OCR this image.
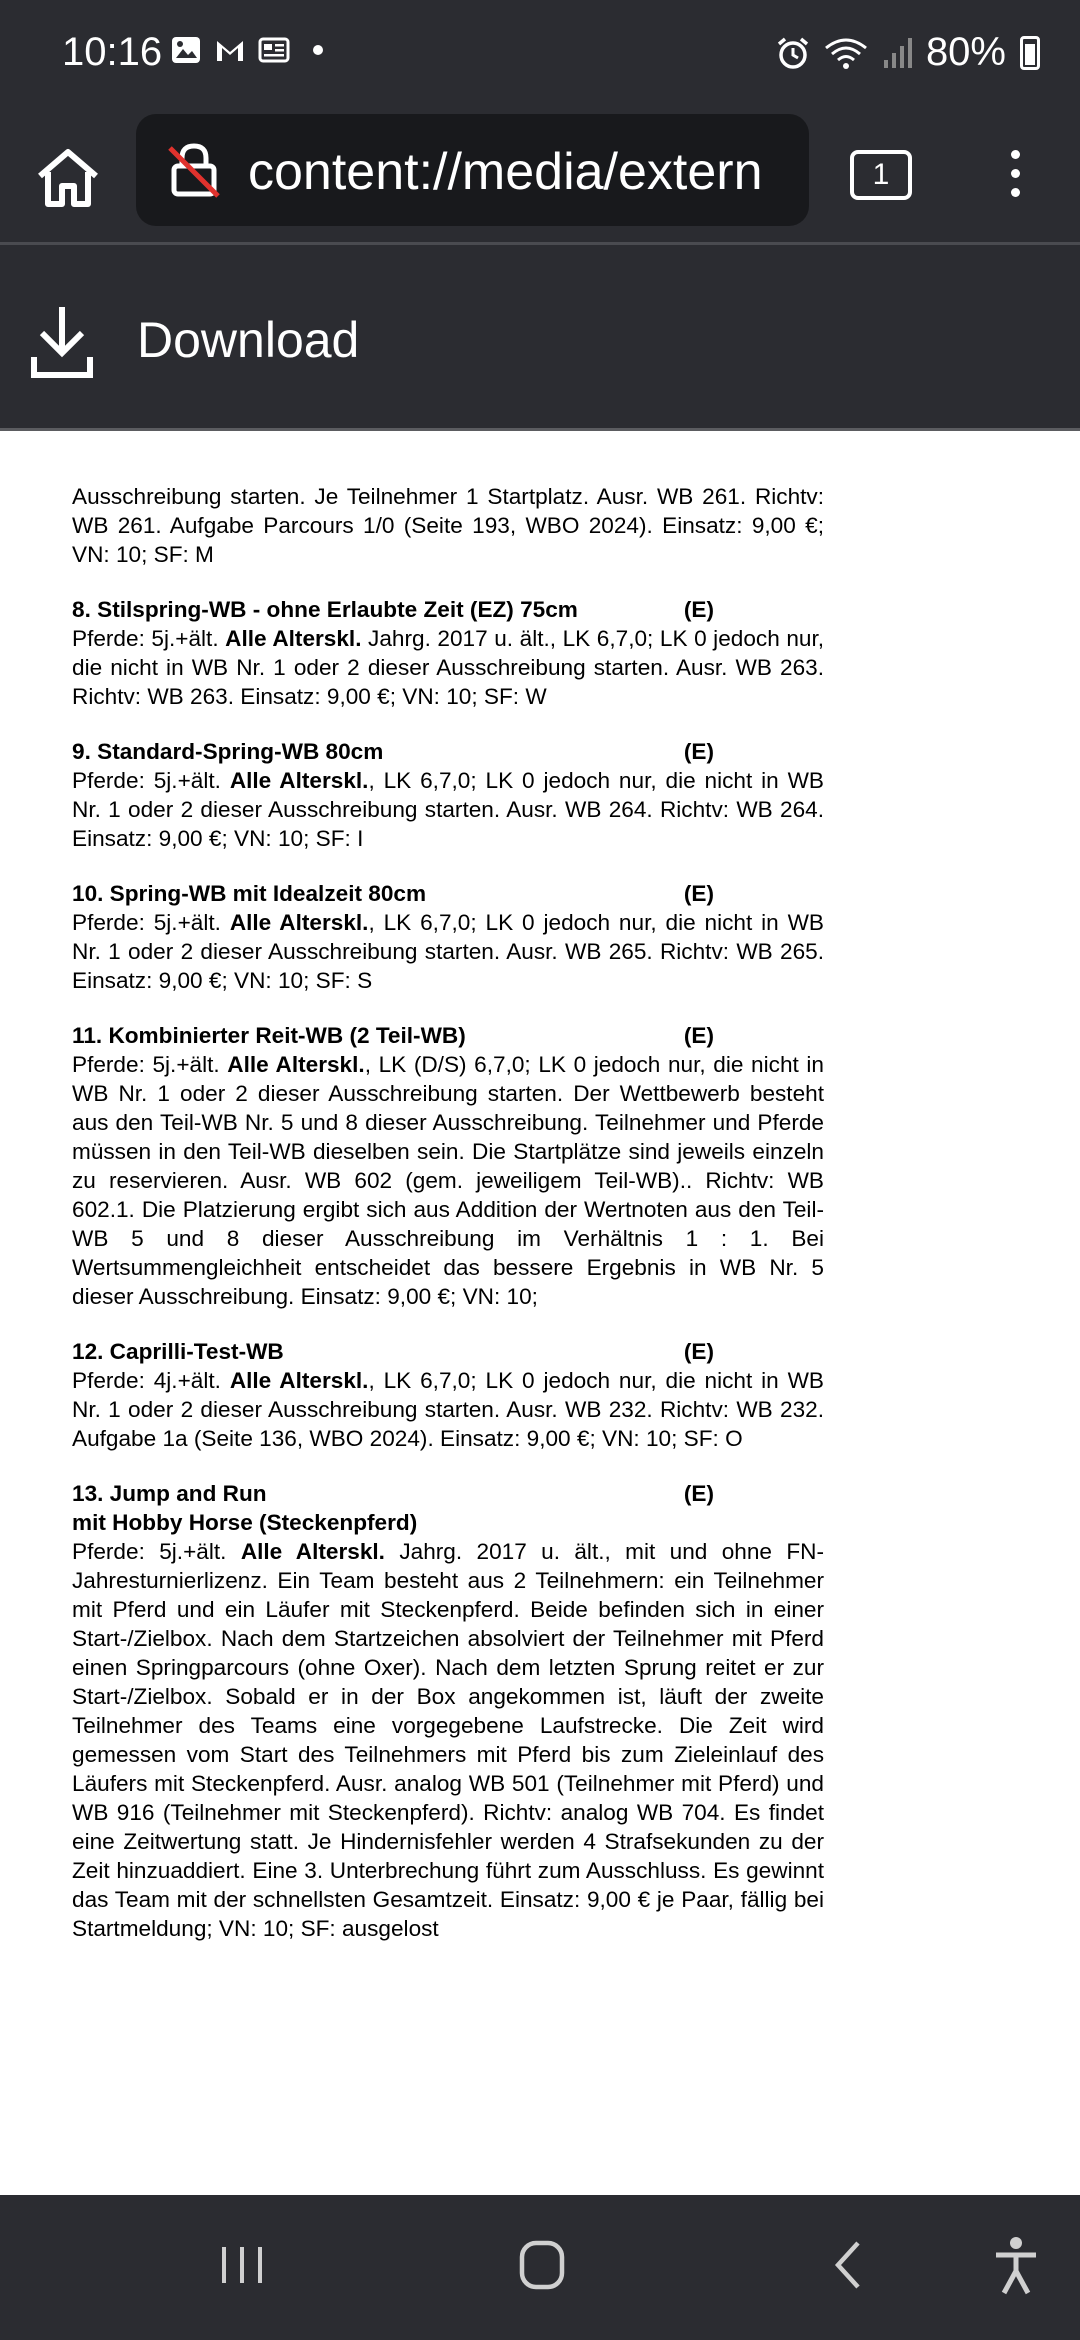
10:16	80%
content://media/extern	1
Download

Ausschreibung starten. Je Teilnehmer 1 Startplatz. Ausr. WB 261. Richtv: WB 261. Aufgabe Parcours 1/0 (Seite 193, WBO 2024). Einsatz: 9,00 €; VN: 10; SF: M

8. Stilspring-WB - ohne Erlaubte Zeit (EZ) 75cm	(E)

Pferde: 5j.+ält. Alle Alterskl. Jahrg. 2017 u. ält., LK 6,7,0; LK 0 jedoch nur, die nicht in WB Nr. 1 oder 2 dieser Ausschreibung starten. Ausr. WB 263. Richtv: WB 263. Einsatz: 9,00 €; VN: 10; SF: W

9. Standard-Spring-WB 80cm	(E)

Pferde: 5j.+ält. Alle Alterskl., LK 6,7,0; LK 0 jedoch nur, die nicht in WB Nr. 1 oder 2 dieser Ausschreibung starten. Ausr. WB 264. Richtv: WB 264. Einsatz: 9,00 €; VN: 10; SF: I

10. Spring-WB mit Idealzeit 80cm	(E)

Pferde: 5j.+ält. Alle Alterskl., LK 6,7,0; LK 0 jedoch nur, die nicht in WB Nr. 1 oder 2 dieser Ausschreibung starten. Ausr. WB 265. Richtv: WB 265. Einsatz: 9,00 €; VN: 10; SF: S

11. Kombinierter Reit-WB (2 Teil-WB)	(E)

Pferde: 5j.+ält. Alle Alterskl., LK (D/S) 6,7,0; LK 0 jedoch nur, die nicht in WB Nr. 1 oder 2 dieser Ausschreibung starten. Der Wettbewerb besteht aus den Teil-WB Nr. 5 und 8 dieser Ausschreibung. Teilnehmer und Pferde müssen in den Teil-WB dieselben sein. Die Startplätze sind jeweils einzeln zu reservieren. Ausr. WB 602 (gem. jeweiligem Teil-WB).. Richtv: WB 602.1. Die Platzierung ergibt sich aus Addition der Wertnoten aus den Teil-WB 5 und 8 dieser Ausschreibung im Verhältnis 1 : 1. Bei Wertsummengleichheit entscheidet das bessere Ergebnis in WB Nr. 5 dieser Ausschreibung. Einsatz: 9,00 €; VN: 10;

12. Caprilli-Test-WB	(E)

Pferde: 4j.+ält. Alle Alterskl., LK 6,7,0; LK 0 jedoch nur, die nicht in WB Nr. 1 oder 2 dieser Ausschreibung starten. Ausr. WB 232. Richtv: WB 232. Aufgabe 1a (Seite 136, WBO 2024). Einsatz: 9,00 €; VN: 10; SF: O

13. Jump and Run	(E)
mit Hobby Horse (Steckenpferd)

Pferde: 5j.+ält. Alle Alterskl. Jahrg. 2017 u. ält., mit und ohne FN-Jahresturnierlizenz. Ein Team besteht aus 2 Teilnehmern: ein Teilnehmer mit Pferd und ein Läufer mit Steckenpferd. Beide befinden sich in einer Start-/Zielbox. Nach dem Startzeichen absolviert der Teilnehmer mit Pferd einen Springparcours (ohne Oxer). Nach dem letzten Sprung reitet er zur Start-/Zielbox. Sobald er in der Box angekommen ist, läuft der zweite Teilnehmer des Teams eine vorgegebene Laufstrecke. Die Zeit wird gemessen vom Start des Teilnehmers mit Pferd bis zum Zieleinlauf des Läufers mit Steckenpferd. Ausr. analog WB 501 (Teilnehmer mit Pferd) und WB 916 (Teilnehmer mit Steckenpferd). Richtv: analog WB 704. Es findet eine Zeitwertung statt. Je Hindernisfehler werden 4 Strafsekunden zu der Zeit hinzuaddiert. Eine 3. Unterbrechung führt zum Ausschluss. Es gewinnt das Team mit der schnellsten Gesamtzeit. Einsatz: 9,00 € je Paar, fällig bei Startmeldung; VN: 10; SF: ausgelost
